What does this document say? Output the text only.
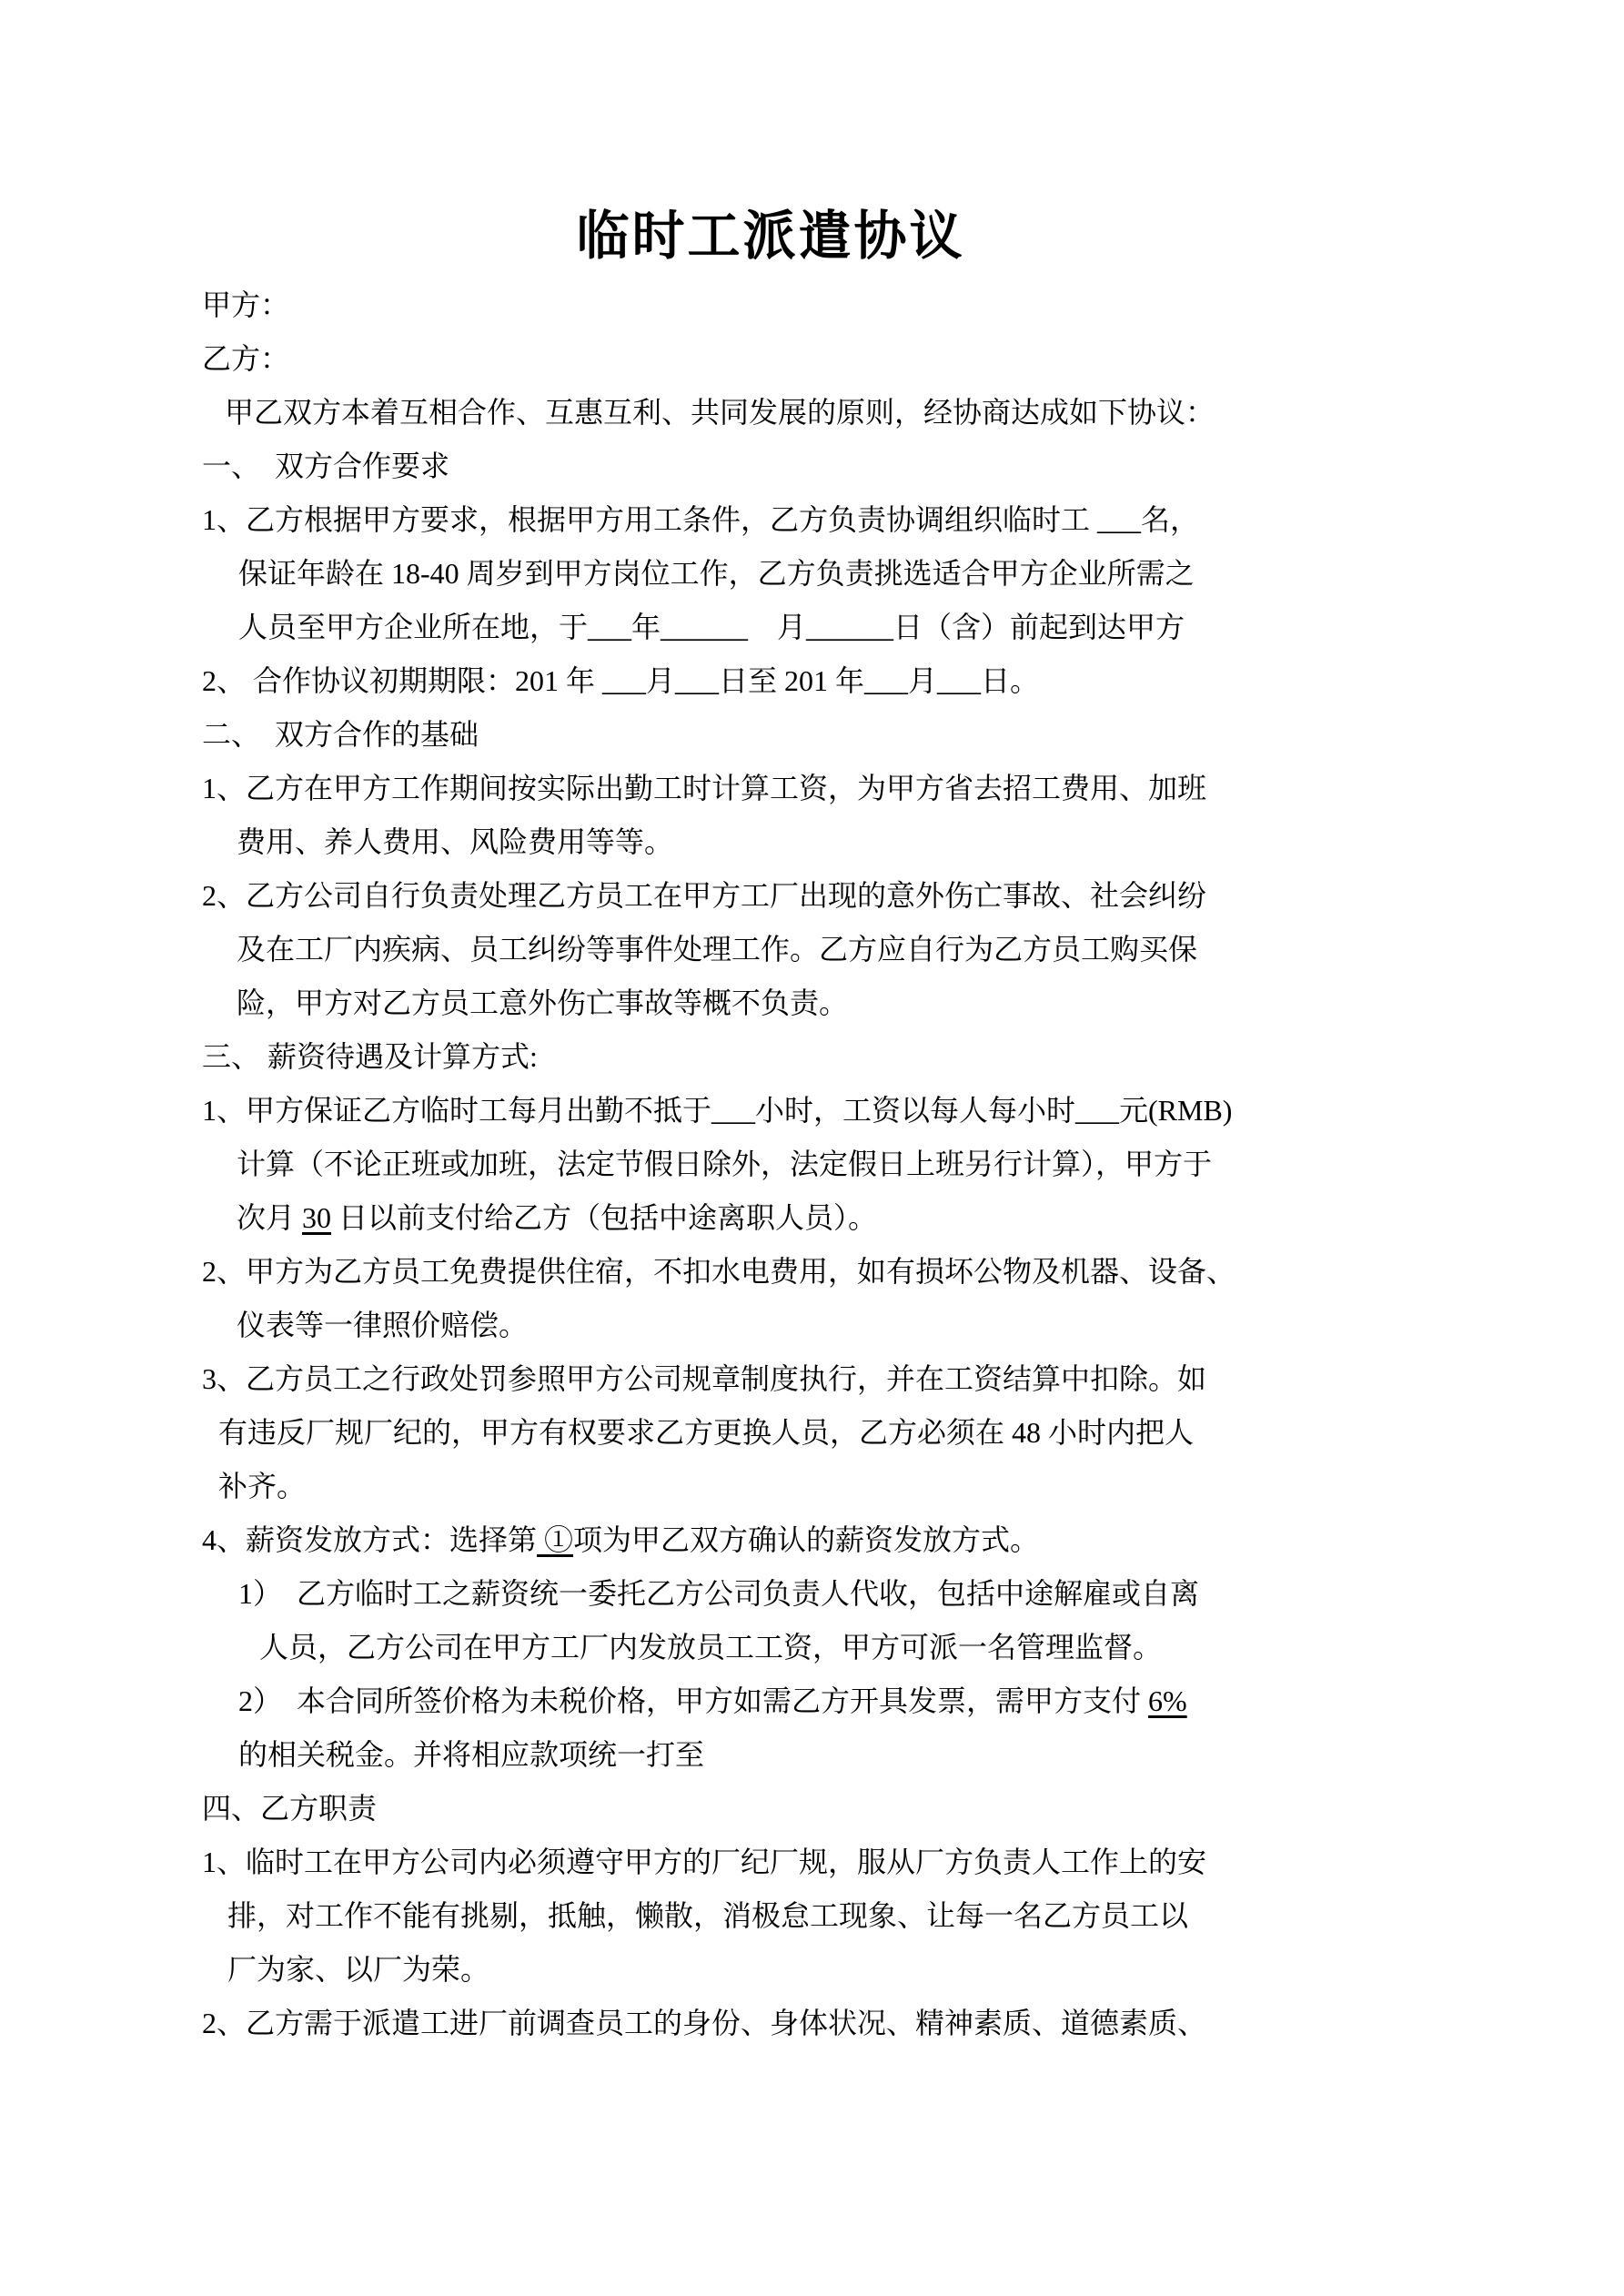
临时工派遣协议
甲方：
乙方：
甲乙双方本着互相合作、互惠互利、共同发展的原则，经协商达成如下协议：
一、　双方合作要求
1、乙方根据甲方要求，根据甲方用工条件，乙方负责协调组织临时工 ___名，
保证年龄在 18-40 周岁到甲方岗位工作，乙方负责挑选适合甲方企业所需之
人员至甲方企业所在地，于___年______　月______日（含）前起到达甲方
2、 合作协议初期期限：201 年 ___月___日至 201 年___月___日。
二、　双方合作的基础
1、乙方在甲方工作期间按实际出勤工时计算工资，为甲方省去招工费用、加班
费用、养人费用、风险费用等等。
2、乙方公司自行负责处理乙方员工在甲方工厂出现的意外伤亡事故、社会纠纷
及在工厂内疾病、员工纠纷等事件处理工作。乙方应自行为乙方员工购买保
险，甲方对乙方员工意外伤亡事故等概不负责。
三、 薪资待遇及计算方式:
1、甲方保证乙方临时工每月出勤不抵于___小时，工资以每人每小时___元(RMB)
计算（不论正班或加班，法定节假日除外，法定假日上班另行计算），甲方于
次月 30 日以前支付给乙方（包括中途离职人员）。
2、甲方为乙方员工免费提供住宿，不扣水电费用，如有损坏公物及机器、设备、
仪表等一律照价赔偿。
3、乙方员工之行政处罚参照甲方公司规章制度执行，并在工资结算中扣除。如
有违反厂规厂纪的，甲方有权要求乙方更换人员，乙方必须在 48 小时内把人
补齐。
4、薪资发放方式：选择第 ①项为甲乙双方确认的薪资发放方式。
1）　乙方临时工之薪资统一委托乙方公司负责人代收，包括中途解雇或自离
人员，乙方公司在甲方工厂内发放员工工资，甲方可派一名管理监督。
2）　本合同所签价格为未税价格，甲方如需乙方开具发票，需甲方支付 6%
的相关税金。并将相应款项统一打至
四、乙方职责
1、临时工在甲方公司内必须遵守甲方的厂纪厂规，服从厂方负责人工作上的安
排，对工作不能有挑剔，抵触，懒散，消极怠工现象、让每一名乙方员工以
厂为家、以厂为荣。
2、乙方需于派遣工进厂前调查员工的身份、身体状况、精神素质、道德素质、
